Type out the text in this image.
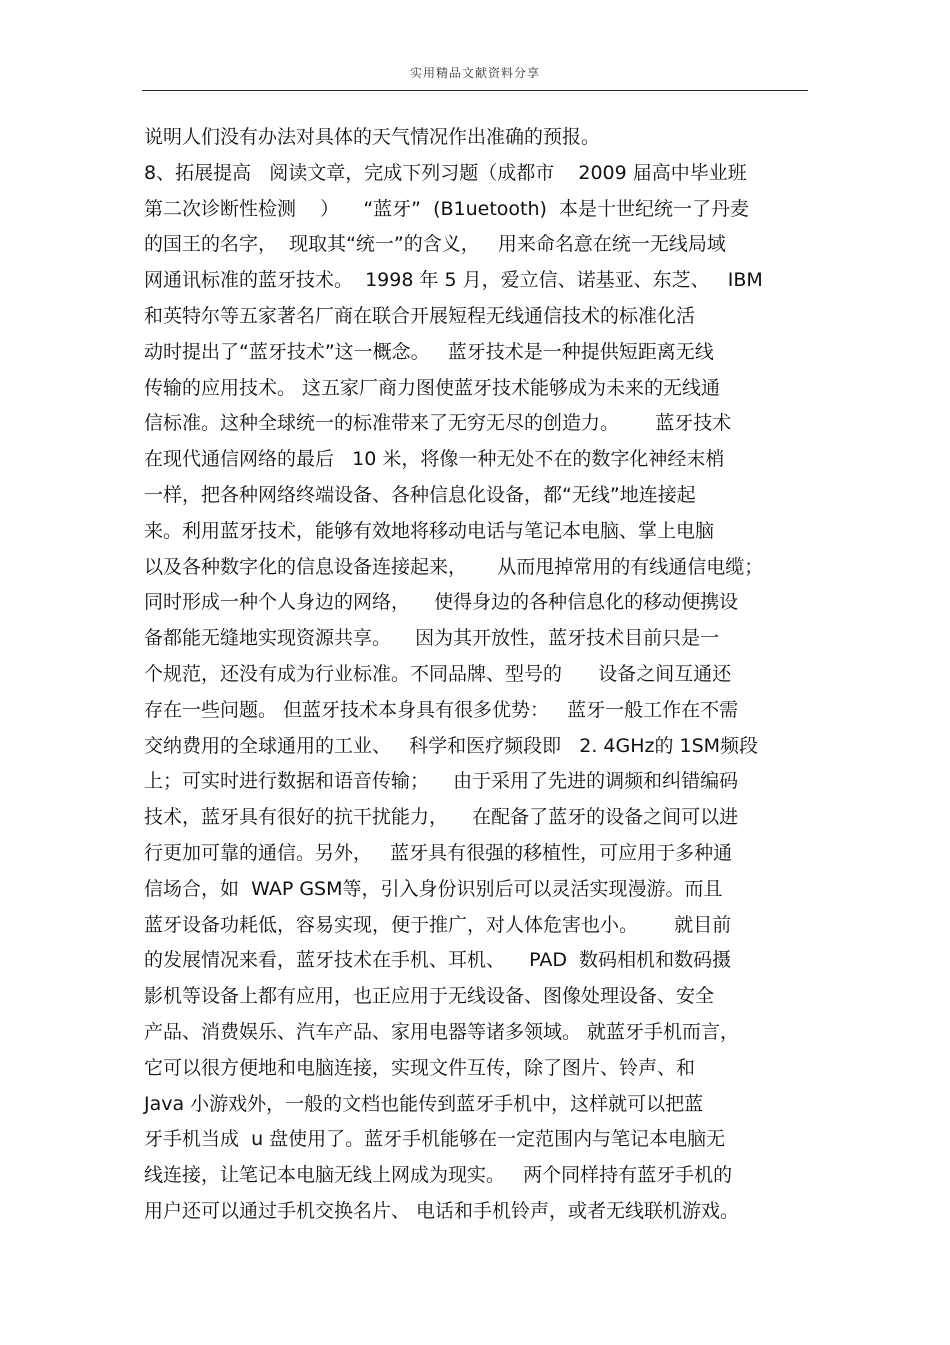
实用精品文献资料分享
说明人们没有办法对具体的天气情况作出准确的预报。
8、拓展提高   阅读文章，完成下列习题（成都市    2009 届高中毕业班
第二次诊断性检测    ）    “蓝牙”  (B1uetooth)  本是十世纪统一了丹麦
的国王的名字，  现取其“统一”的含义，   用来命名意在统一无线局域
网通讯标准的蓝牙技术。  1998 年 5 月，爱立信、诺基亚、东芝、   IBM
和英特尔等五家著名厂商在联合开展短程无线通信技术的标准化活
动时提出了“蓝牙技术”这一概念。   蓝牙技术是一种提供短距离无线
传输的应用技术。 这五家厂商力图使蓝牙技术能够成为未来的无线通
信标准。这种全球统一的标准带来了无穷无尽的创造力。      蓝牙技术
在现代通信网络的最后   10 米，将像一种无处不在的数字化神经末梢
一样，把各种网络终端设备、各种信息化设备，都“无线”地连接起
来。利用蓝牙技术，能够有效地将移动电话与笔记本电脑、掌上电脑
以及各种数字化的信息设备连接起来，     从而甩掉常用的有线通信电缆；
同时形成一种个人身边的网络，    使得身边的各种信息化的移动便携设
备都能无缝地实现资源共享。    因为其开放性，蓝牙技术目前只是一
个规范，还没有成为行业标准。不同品牌、型号的      设备之间互通还
存在一些问题。 但蓝牙技术本身具有很多优势：   蓝牙一般工作在不需
交纳费用的全球通用的工业、   科学和医疗频段即   2. 4GHz的 1SM频段
上；可实时进行数据和语音传输；    由于采用了先进的调频和纠错编码
技术，蓝牙具有很好的抗干扰能力，    在配备了蓝牙的设备之间可以进
行更加可靠的通信。另外，   蓝牙具有很强的移植性，可应用于多种通
信场合，如  WAP GSM等，引入身份识别后可以灵活实现漫游。而且
蓝牙设备功耗低，容易实现，便于推广，对人体危害也小。      就目前
的发展情况来看，蓝牙技术在手机、耳机、    PAD  数码相机和数码摄
影机等设备上都有应用，也正应用于无线设备、图像处理设备、安全
产品、消费娱乐、汽车产品、家用电器等诸多领域。 就蓝牙手机而言，
它可以很方便地和电脑连接，实现文件互传，除了图片、铃声、和
Java 小游戏外，一般的文档也能传到蓝牙手机中，这样就可以把蓝
牙手机当成  u 盘使用了。蓝牙手机能够在一定范围内与笔记本电脑无
线连接，让笔记本电脑无线上网成为现实。   两个同样持有蓝牙手机的
用户还可以通过手机交换名片、 电话和手机铃声，或者无线联机游戏。
